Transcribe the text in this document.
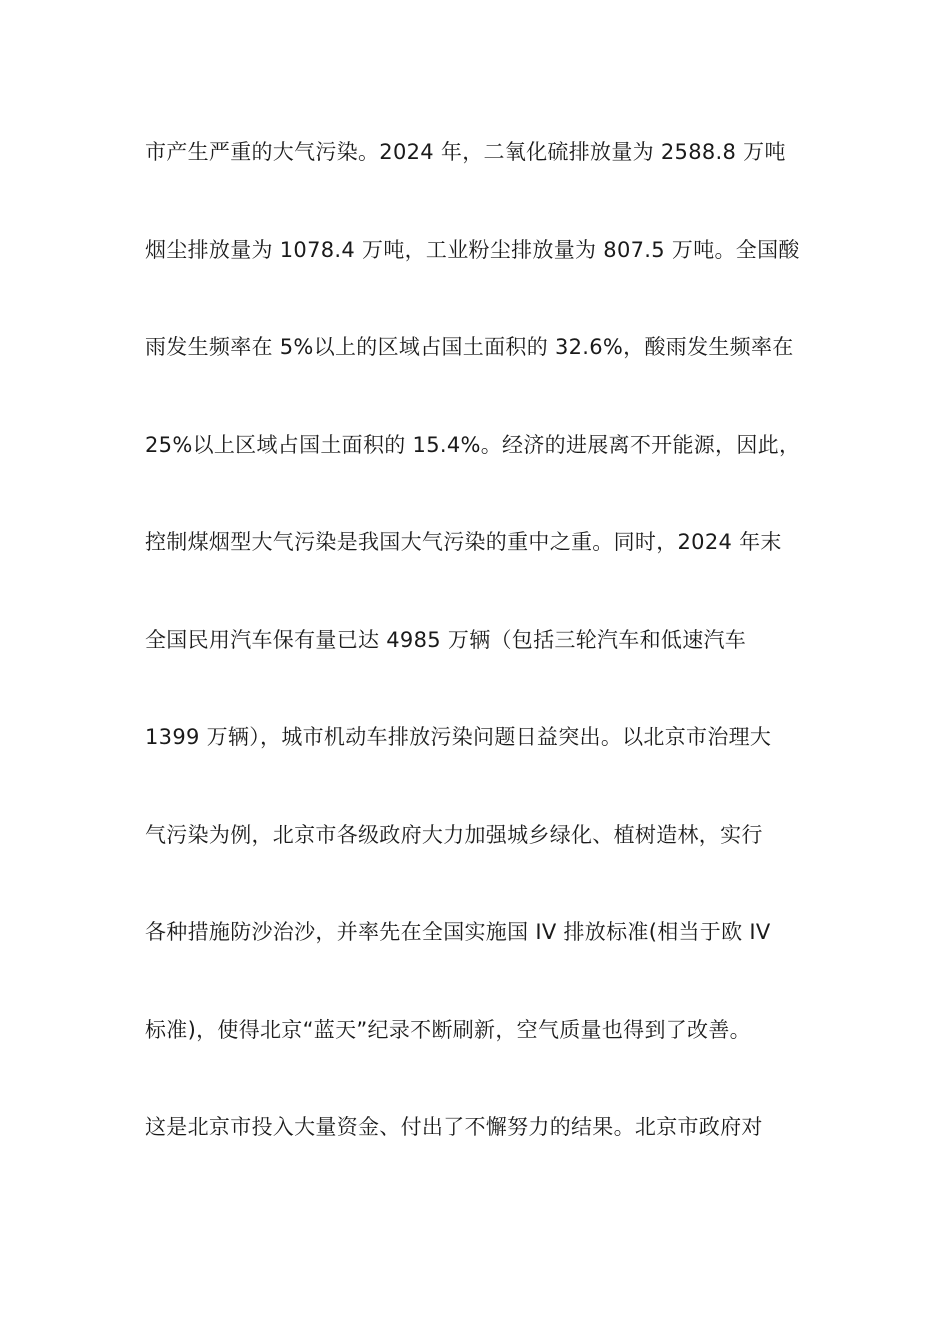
市产生严重的大气污染。2024 年，二氧化硫排放量为 2588.8 万吨
烟尘排放量为 1078.4 万吨，工业粉尘排放量为 807.5 万吨。全国酸
雨发生频率在 5%以上的区域占国土面积的 32.6%，酸雨发生频率在
25%以上区域占国土面积的 15.4%。经济的进展离不开能源，因此，
控制煤烟型大气污染是我国大气污染的重中之重。同时，2024 年末
全国民用汽车保有量已达 4985 万辆（包括三轮汽车和低速汽车
1399 万辆），城市机动车排放污染问题日益突出。以北京市治理大
气污染为例，北京市各级政府大力加强城乡绿化、植树造林，实行
各种措施防沙治沙，并率先在全国实施国 IV 排放标准(相当于欧 IV
标准)，使得北京“蓝天”纪录不断刷新，空气质量也得到了改善。
这是北京市投入大量资金、付出了不懈努力的结果。北京市政府对
